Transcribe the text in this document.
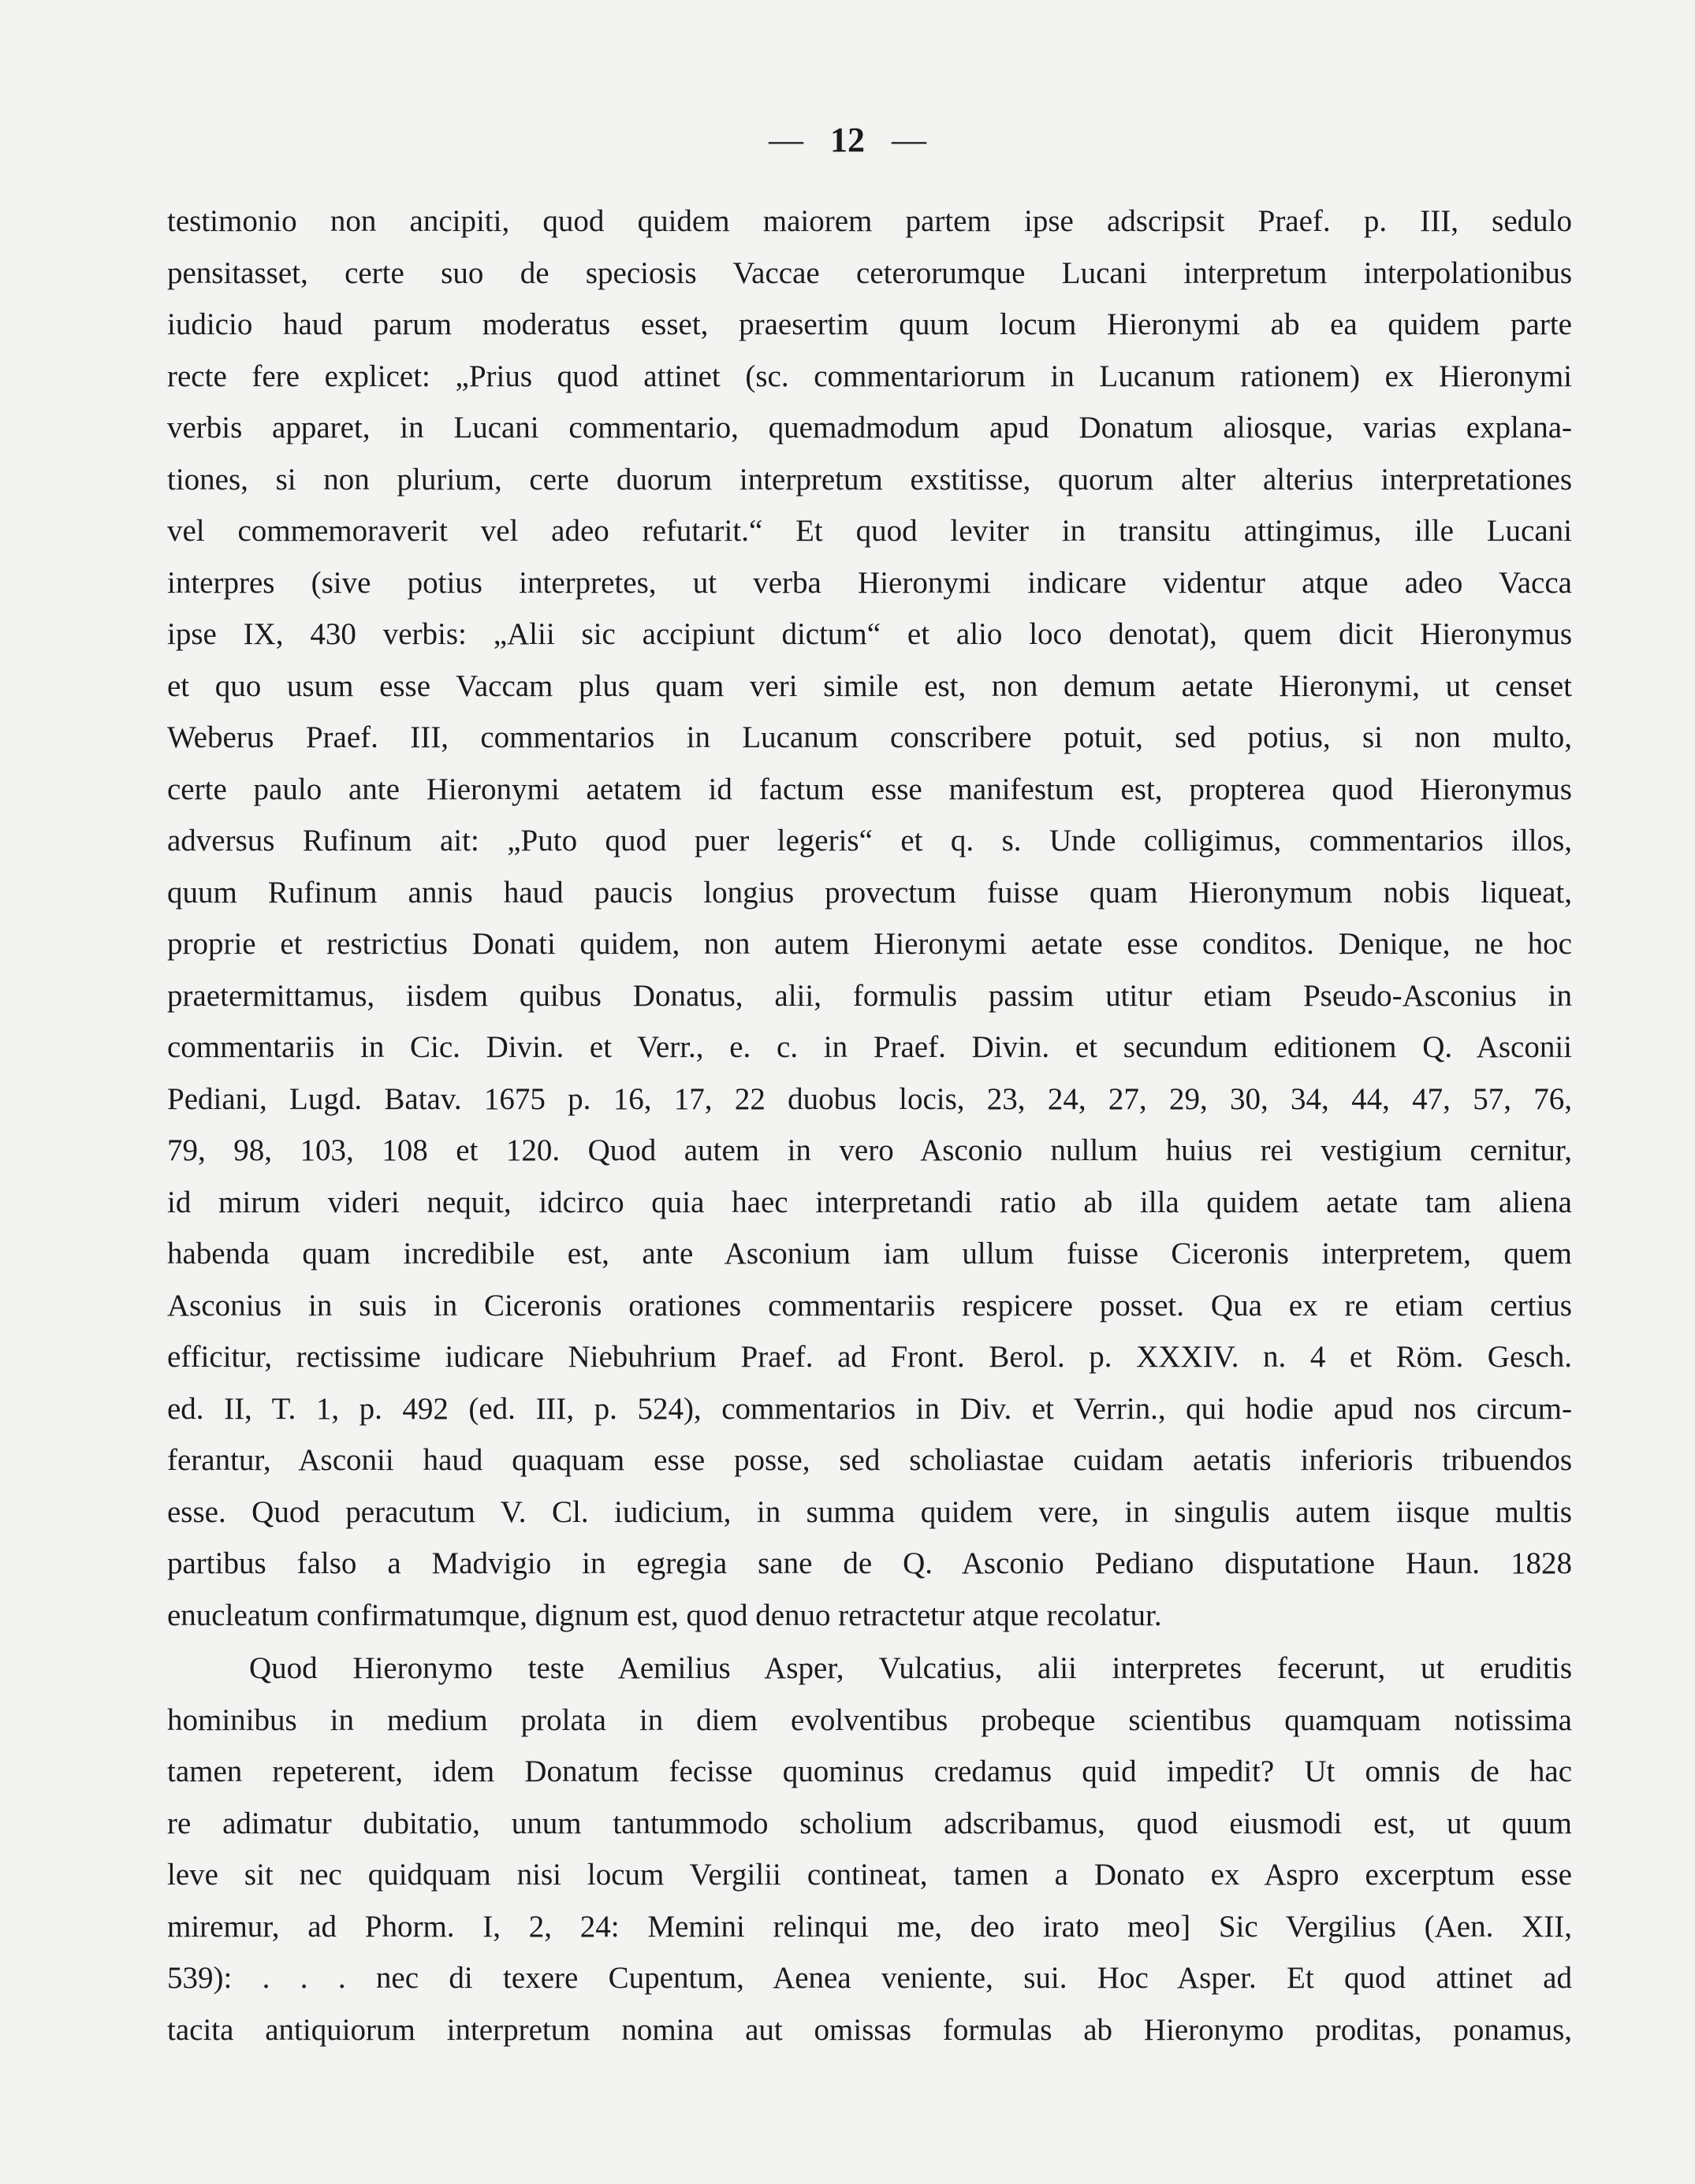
— 12 —
testimonio non ancipiti, quod quidem maiorem partem ipse adscripsit Praef. p. III, sedulo
pensitasset, certe suo de speciosis Vaccae ceterorumque Lucani interpretum interpolationibus
iudicio haud parum moderatus esset, praesertim quum locum Hieronymi ab ea quidem parte
recte fere explicet: „Prius quod attinet (sc. commentariorum in Lucanum rationem) ex Hieronymi
verbis apparet, in Lucani commentario, quemadmodum apud Donatum aliosque, varias explana-
tiones, si non plurium, certe duorum interpretum exstitisse, quorum alter alterius interpretationes
vel commemoraverit vel adeo refutarit.“ Et quod leviter in transitu attingimus, ille Lucani
interpres (sive potius interpretes, ut verba Hieronymi indicare videntur atque adeo Vacca
ipse IX, 430 verbis: „Alii sic accipiunt dictum“ et alio loco denotat), quem dicit Hieronymus
et quo usum esse Vaccam plus quam veri simile est, non demum aetate Hieronymi, ut censet
Weberus Praef. III, commentarios in Lucanum conscribere potuit, sed potius, si non multo,
certe paulo ante Hieronymi aetatem id factum esse manifestum est, propterea quod Hieronymus
adversus Rufinum ait: „Puto quod puer legeris“ et q. s. Unde colligimus, commentarios illos,
quum Rufinum annis haud paucis longius provectum fuisse quam Hieronymum nobis liqueat,
proprie et restrictius Donati quidem, non autem Hieronymi aetate esse conditos. Denique, ne hoc
praetermittamus, iisdem quibus Donatus, alii, formulis passim utitur etiam Pseudo-Asconius in
commentariis in Cic. Divin. et Verr., e. c. in Praef. Divin. et secundum editionem Q. Asconii
Pediani, Lugd. Batav. 1675 p. 16, 17, 22 duobus locis, 23, 24, 27, 29, 30, 34, 44, 47, 57, 76,
79, 98, 103, 108 et 120. Quod autem in vero Asconio nullum huius rei vestigium cernitur,
id mirum videri nequit, idcirco quia haec interpretandi ratio ab illa quidem aetate tam aliena
habenda quam incredibile est, ante Asconium iam ullum fuisse Ciceronis interpretem, quem
Asconius in suis in Ciceronis orationes commentariis respicere posset. Qua ex re etiam certius
efficitur, rectissime iudicare Niebuhrium Praef. ad Front. Berol. p. XXXIV. n. 4 et Röm. Gesch.
ed. II, T. 1, p. 492 (ed. III, p. 524), commentarios in Div. et Verrin., qui hodie apud nos circum-
ferantur, Asconii haud quaquam esse posse, sed scholiastae cuidam aetatis inferioris tribuendos
esse. Quod peracutum V. Cl. iudicium, in summa quidem vere, in singulis autem iisque multis
partibus falso a Madvigio in egregia sane de Q. Asconio Pediano disputatione Haun. 1828
enucleatum confirmatumque, dignum est, quod denuo retractetur atque recolatur.
Quod Hieronymo teste Aemilius Asper, Vulcatius, alii interpretes fecerunt, ut eruditis
hominibus in medium prolata in diem evolventibus probeque scientibus quamquam notissima
tamen repeterent, idem Donatum fecisse quominus credamus quid impedit? Ut omnis de hac
re adimatur dubitatio, unum tantummodo scholium adscribamus, quod eiusmodi est, ut quum
leve sit nec quidquam nisi locum Vergilii contineat, tamen a Donato ex Aspro excerptum esse
miremur, ad Phorm. I, 2, 24: Memini relinqui me, deo irato meo] Sic Vergilius (Aen. XII,
539): . . . nec di texere Cupentum, Aenea veniente, sui. Hoc Asper. Et quod attinet ad
tacita antiquiorum interpretum nomina aut omissas formulas ab Hieronymo proditas, ponamus,
